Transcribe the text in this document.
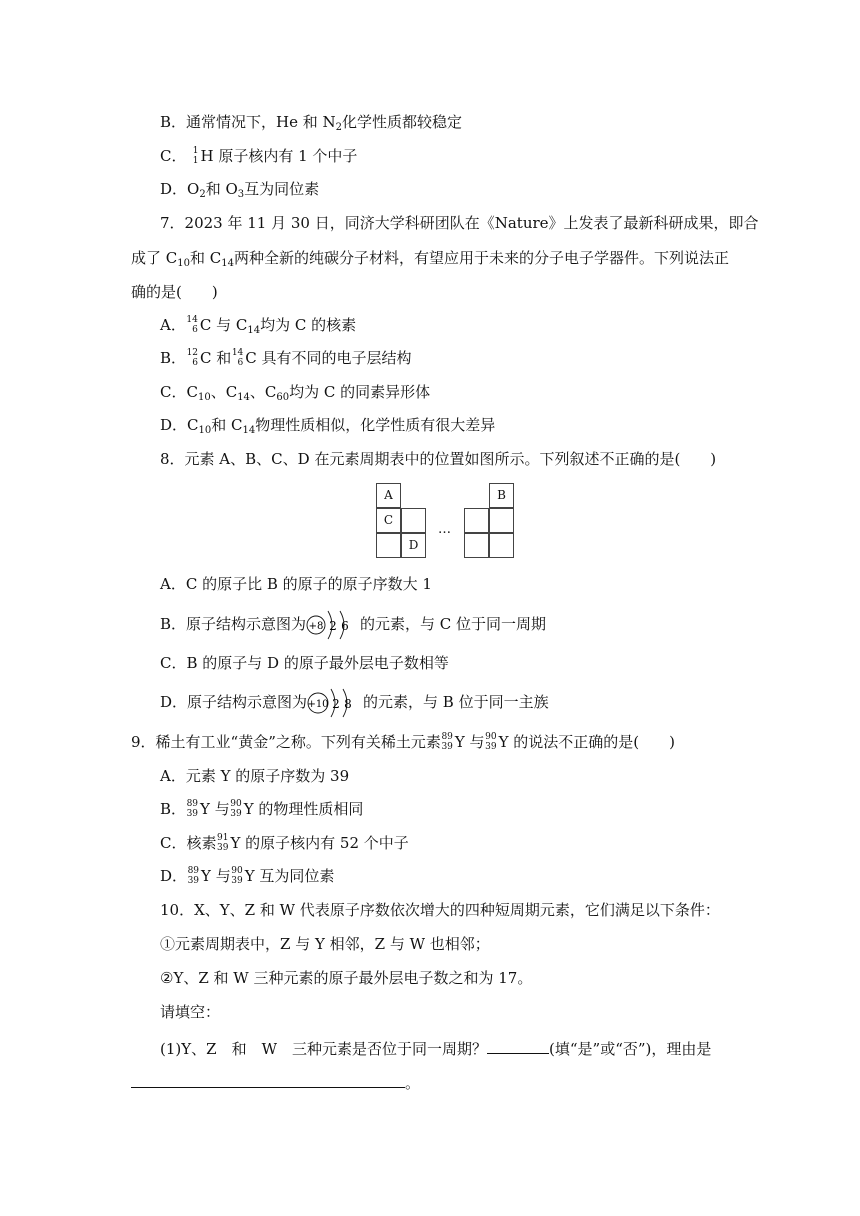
B．通常情况下，He 和 $N_2$化学性质都较稳定
C． 1
1 H 原子核内有 1 个中子
D．$O_2$和 $O_3$互为同位素
7．2023 年 11 月 30 日，同济大学科研团队在《Nature》上发表了最新科研成果，即合
成了 $C_{10}$和 $C_{14}$两种全新的纯碳分子材料，有望应用于未来的分子电子学器件。下列说法正
确的是(　　)
A． 14
6 C 与 $C_{14}$均为 C 的核素
B． 12
6 C 和 14
6 C 具有不同的电子层结构
C．$C_{10}$、$C_{14}$、$C_{60}$均为 C 的同素异形体
D．$C_{10}$和 $C_{14}$物理性质相似，化学性质有很大差异
8．元素 A、B、C、D 在元素周期表中的位置如图所示。下列叙述不正确的是(　　)
A
C
D
…
B
A．C 的原子比 B 的原子的原子序数大 1
B．原子结构示意图为 +8 2 6 的元素，与 C 位于同一周期
C．B 的原子与 D 的原子最外层电子数相等
D．原子结构示意图为 +10 2 8 的元素，与 B 位于同一主族
9．稀土有工业“黄金”之称。下列有关稀土元素 89
39 Y 与 90
39 Y 的说法不正确的是(　　)
A．元素 Y 的原子序数为 39
B． 89
39 Y 与 90
39 Y 的物理性质相同
C．核素 91
39 Y 的原子核内有 52 个中子
D． 89
39 Y 与 90
39 Y 互为同位素
10．X、Y、Z 和 W 代表原子序数依次增大的四种短周期元素，它们满足以下条件：
①元素周期表中，Z 与 Y 相邻，Z 与 W 也相邻；
②Y、Z 和 W 三种元素的原子最外层电子数之和为 17。
请填空：
(1)Y、Z　和　W　三种元素是否位于同一周期？	(填“是”或“否”)，理由是
。
